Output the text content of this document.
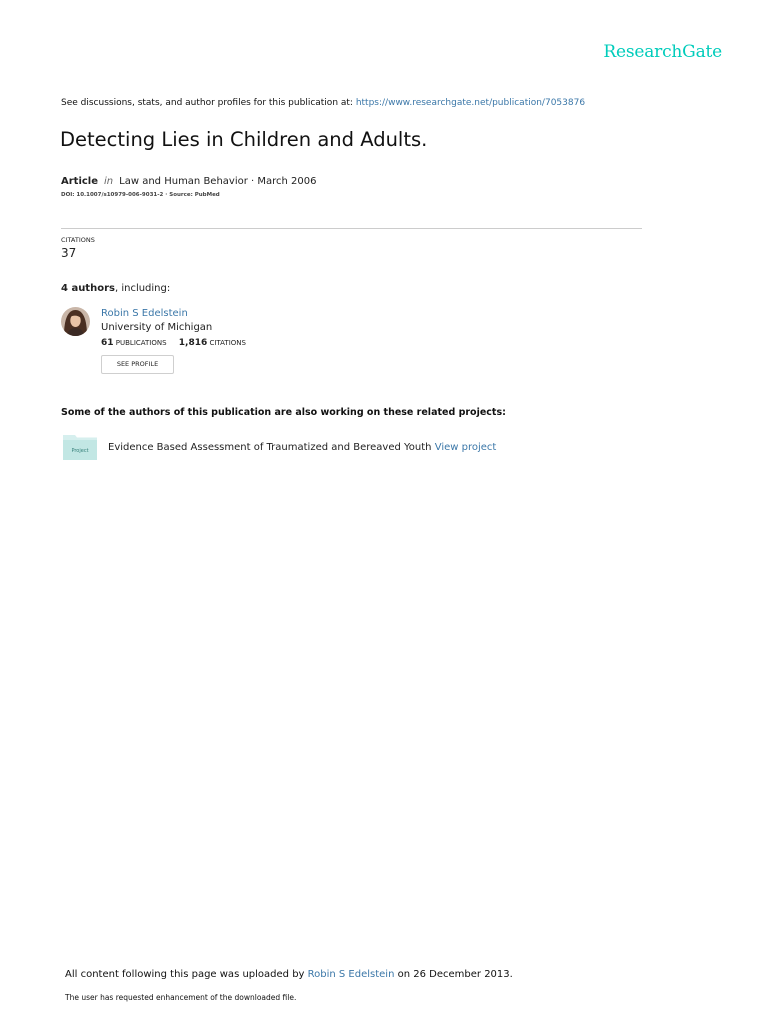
ResearchGate
See discussions, stats, and author profiles for this publication at: https://www.researchgate.net/publication/7053876
Detecting Lies in Children and Adults.
Article in Law and Human Behavior · March 2006
DOI: 10.1007/s10979-006-9031-2 · Source: PubMed
CITATIONS
37
4 authors, including:
Robin S Edelstein
University of Michigan
61 PUBLICATIONS 1,816 CITATIONS
SEE PROFILE
Some of the authors of this publication are also working on these related projects:
Project Evidence Based Assessment of Traumatized and Bereaved Youth View project
All content following this page was uploaded by Robin S Edelstein on 26 December 2013.
The user has requested enhancement of the downloaded file.
